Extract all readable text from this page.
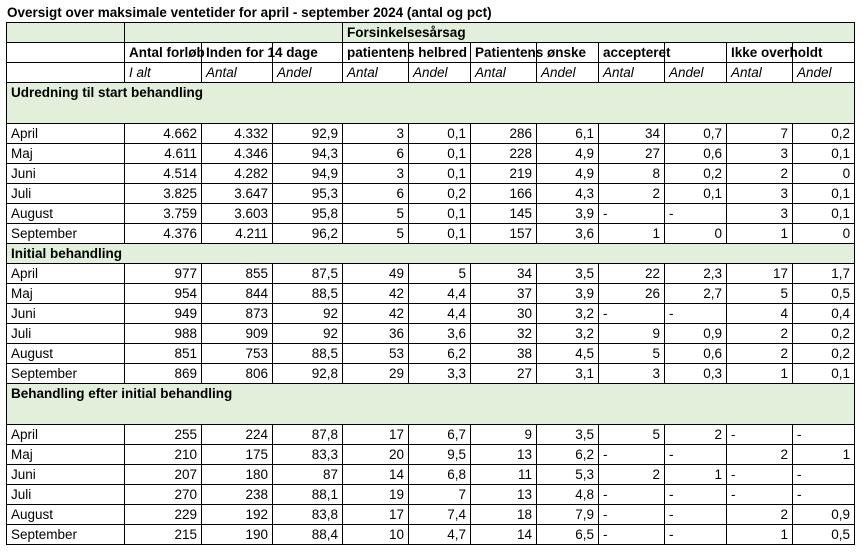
Oversigt over maksimale ventetider for april - september 2024 (antal og pct)
				Forsinkelsesårsag							
	Antal forløb	Inden for 14 dage		patientens helbred		Patientens ønske		accepteret		Ikke overholdt	
	I alt	Antal	Andel	Antal	Andel	Antal	Andel	Antal	Andel	Antal	Andel
Udredning til start behandling											
April	4.662	4.332	92,9	3	0,1	286	6,1	34	0,7	7	0,2
Maj	4.611	4.346	94,3	6	0,1	228	4,9	27	0,6	3	0,1
Juni	4.514	4.282	94,9	3	0,1	219	4,9	8	0,2	2	0
Juli	3.825	3.647	95,3	6	0,2	166	4,3	2	0,1	3	0,1
August	3.759	3.603	95,8	5	0,1	145	3,9	-	-	3	0,1
September	4.376	4.211	96,2	5	0,1	157	3,6	1	0	1	0
Initial behandling											
April	977	855	87,5	49	5	34	3,5	22	2,3	17	1,7
Maj	954	844	88,5	42	4,4	37	3,9	26	2,7	5	0,5
Juni	949	873	92	42	4,4	30	3,2	-	-	4	0,4
Juli	988	909	92	36	3,6	32	3,2	9	0,9	2	0,2
August	851	753	88,5	53	6,2	38	4,5	5	0,6	2	0,2
September	869	806	92,8	29	3,3	27	3,1	3	0,3	1	0,1
Behandling efter initial behandling											
April	255	224	87,8	17	6,7	9	3,5	5	2	-	-
Maj	210	175	83,3	20	9,5	13	6,2	-	-	2	1
Juni	207	180	87	14	6,8	11	5,3	2	1	-	-
Juli	270	238	88,1	19	7	13	4,8	-	-	-	-
August	229	192	83,8	17	7,4	18	7,9	-	-	2	0,9
September	215	190	88,4	10	4,7	14	6,5	-	-	1	0,5
